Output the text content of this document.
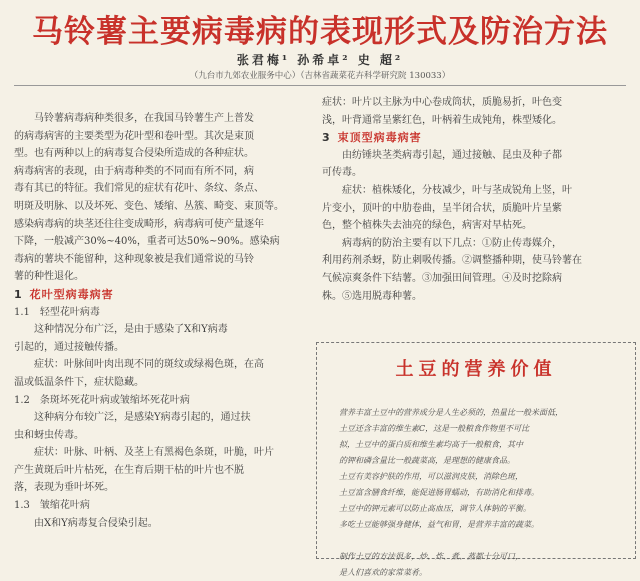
马铃薯主要病毒病的表现形式及防治方法
张君梅¹ 孙希卓² 史 超²
（九台市九郊农业服务中心）（吉林省蔬菜花卉科学研究院 130033）

马铃薯病毒病种类很多，在我国马铃薯生产上普发

的病毒病害的主要类型为花叶型和卷叶型。其次是束顶

型。也有两种以上的病毒复合侵染所造成的各种症状。

病毒病害的表现，由于病毒种类的不同而有所不同，病

毒有其已的特征。我们常见的症状有花叶、条纹、条点、

明斑及明脉、以及坏死、变色、矮缩、丛簇、畸变、束顶等。

感染病毒病的块茎还往往变成畸形，病毒病可使产量逐年

下降，一般减产30%~40%，重者可达50%~90%。感染病

毒病的薯块不能留种，这种现象被是我们通常说的马铃

薯的种性退化。

1 花叶型病毒病害

1.1 轻型花叶病毒

这种情况分布广泛，是由于感染了X和Y病毒

引起的，通过接触传播。

症状：叶脉间叶肉出现不同的斑纹或绿褐色斑，在高

温或低温条件下，症状隐藏。

1.2 条斑坏死花叶病或皱缩坏死花叶病

这种病分布较广泛，是感染Y病毒引起的，通过扶

虫和蚜虫传毒。

症状：叶脉、叶柄、及茎上有黑褐色条斑，叶脆，叶片

产生黄斑后叶片枯死，在生育后期干枯的叶片也不脱

落，表现为垂叶坏死。

1.3 皱缩花叶病

由X和Y病毒复合侵染引起。

症状：叶片以主脉为中心卷成筒状，质脆易折，叶色变

浅，叶背通常呈紫红色，叶柄着生成钝角，株型矮化。

3 束顶型病毒病害

由纺锤块茎类病毒引起，通过接触、昆虫及种子都

可传毒。

症状：植株矮化，分枝减少，叶与茎成锐角上竖，叶

片变小，顶叶的中肋卷曲，呈半闭合状，质脆叶片呈紫

色，整个植株失去油亮的绿色，病害对早枯死。

病毒病的防治主要有以下几点：①防止传毒媒介，

利用药剂杀蚜，防止刺吸传播。②调整播种期，使马铃薯在

气候凉爽条件下结薯。③加强田间管理。④及时挖除病

株。⑤选用脱毒种薯。

土豆的营养价值

营养丰富土豆中的营养成分是人生必须的，热量比一般米面低，

土豆还含丰富的维生素C，这是一般粮食作物里不可比

拟，土豆中的蛋白质和维生素均高于一般粮食，其中

的钾和磷含量比一般蔬菜高，是理想的健康食品。

土豆有美容护肤的作用，可以滋润皮肤，消除色斑，

土豆富含膳食纤维，能促进肠胃蠕动，有助消化和排毒。

土豆中的钾元素可以防止高血压，调节人体钠的平衡。

多吃土豆能够强身健体，益气和胃，是营养丰富的蔬菜。

制作土豆的方法很多，炒、炸、煮、蒸都十分可口，

是人们喜欢的家常菜肴。
